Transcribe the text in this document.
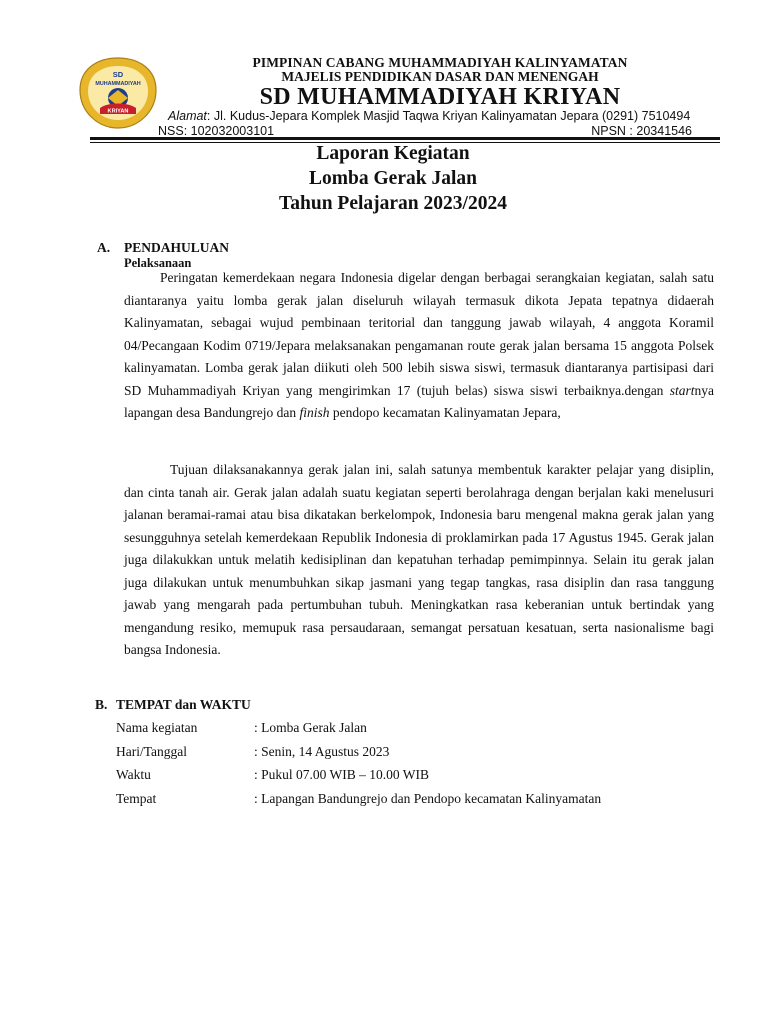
SD
MUHAMMADIYAH
KRIYAN
PIMPINAN CABANG MUHAMMADIYAH KALINYAMATAN
MAJELIS PENDIDIKAN DASAR DAN MENENGAH
SD MUHAMMADIYAH KRIYAN
Alamat: Jl. Kudus-Jepara Komplek Masjid Taqwa Kriyan Kalinyamatan Jepara (0291) 7510494
NSS: 102032003101	NPSN : 20341546
Laporan Kegiatan
Lomba Gerak Jalan
Tahun Pelajaran 2023/2024
A. PENDAHULUAN
Pelaksanaan

Peringatan kemerdekaan negara Indonesia digelar dengan berbagai serangkaian kegiatan, salah satu diantaranya yaitu lomba gerak jalan diseluruh wilayah termasuk dikota Jepata tepatnya didaerah Kalinyamatan, sebagai wujud pembinaan teritorial dan tanggung jawab wilayah, 4 anggota Koramil 04/Pecangaan Kodim 0719/Jepara melaksanakan pengamanan route gerak jalan bersama 15 anggota Polsek kalinyamatan. Lomba gerak jalan diikuti oleh 500 lebih siswa siswi, termasuk diantaranya partisipasi dari SD Muhammadiyah Kriyan yang mengirimkan 17 (tujuh belas) siswa siswi terbaiknya.dengan startnya lapangan desa Bandungrejo dan finish pendopo kecamatan Kalinyamatan Jepara,

Tujuan dilaksanakannya gerak jalan ini, salah satunya membentuk karakter pelajar yang disiplin, dan cinta tanah air. Gerak jalan adalah suatu kegiatan seperti berolahraga dengan berjalan kaki menelusuri jalanan beramai-ramai atau bisa dikatakan berkelompok, Indonesia baru mengenal makna gerak jalan yang sesungguhnya setelah kemerdekaan Republik Indonesia di proklamirkan pada 17 Agustus 1945. Gerak jalan juga dilakukkan untuk melatih kedisiplinan dan kepatuhan terhadap pemimpinnya. Selain itu gerak jalan juga dilakukan untuk menumbuhkan sikap jasmani yang tegap tangkas, rasa disiplin dan rasa tanggung jawab yang mengarah pada pertumbuhan tubuh. Meningkatkan rasa keberanian untuk bertindak yang mengandung resiko, memupuk rasa persaudaraan, semangat persatuan kesatuan, serta nasionalisme bagi bangsa Indonesia.

B. TEMPAT dan WAKTU
Nama kegiatan	: Lomba Gerak Jalan
Hari/Tanggal	: Senin, 14 Agustus 2023
Waktu	: Pukul 07.00 WIB – 10.00 WIB
Tempat	: Lapangan Bandungrejo dan Pendopo kecamatan Kalinyamatan
